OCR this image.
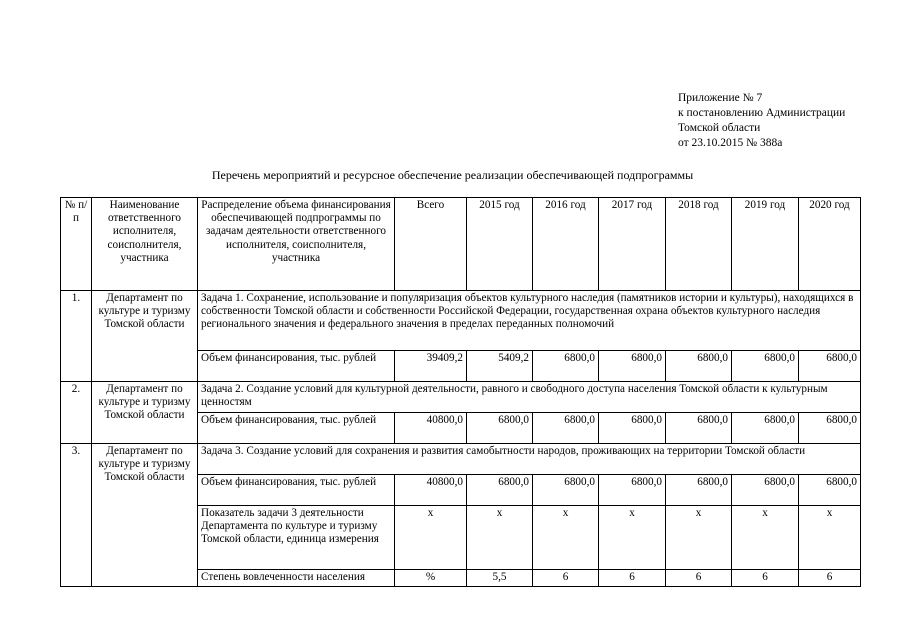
Приложение № 7
к постановлению Администрации
Томской области
от 23.10.2015 № 388а
Перечень мероприятий и ресурсное обеспечение реализации обеспечивающей подпрограммы
№ п/п	Наименование ответственного исполнителя, соисполнителя, участника	Распределение объема финансирования обеспечивающей подпрограммы по задачам деятельности ответственного исполнителя, соисполнителя, участника	Всего	2015 год	2016 год	2017 год	2018 год	2019 год	2020 год
1.	Департамент по культуре и туризму Томской области	Задача 1. Сохранение, использование и популяризация объектов культурного наследия (памятников истории и культуры), находящихся в собственности Томской области и собственности Российской Федерации, государственная охрана объектов культурного наследия регионального значения и федерального значения в пределах переданных полномочий							
		Объем финансирования, тыс. рублей	39409,2	5409,2	6800,0	6800,0	6800,0	6800,0	6800,0
2.	Департамент по культуре и туризму Томской области	Задача 2. Создание условий для культурной деятельности, равного и свободного доступа населения Томской области к культурным ценностям							
		Объем финансирования, тыс. рублей	40800,0	6800,0	6800,0	6800,0	6800,0	6800,0	6800,0
3.	Департамент по культуре и туризму Томской области	Задача 3. Создание условий для сохранения и развития самобытности народов, проживающих на территории Томской области							
		Объем финансирования, тыс. рублей	40800,0	6800,0	6800,0	6800,0	6800,0	6800,0	6800,0
		Показатель задачи 3 деятельности Департамента по культуре и туризму Томской области, единица измерения	х	х	х	х	х	х	х
		Степень вовлеченности населения	%	5,5	6	6	6	6	6
